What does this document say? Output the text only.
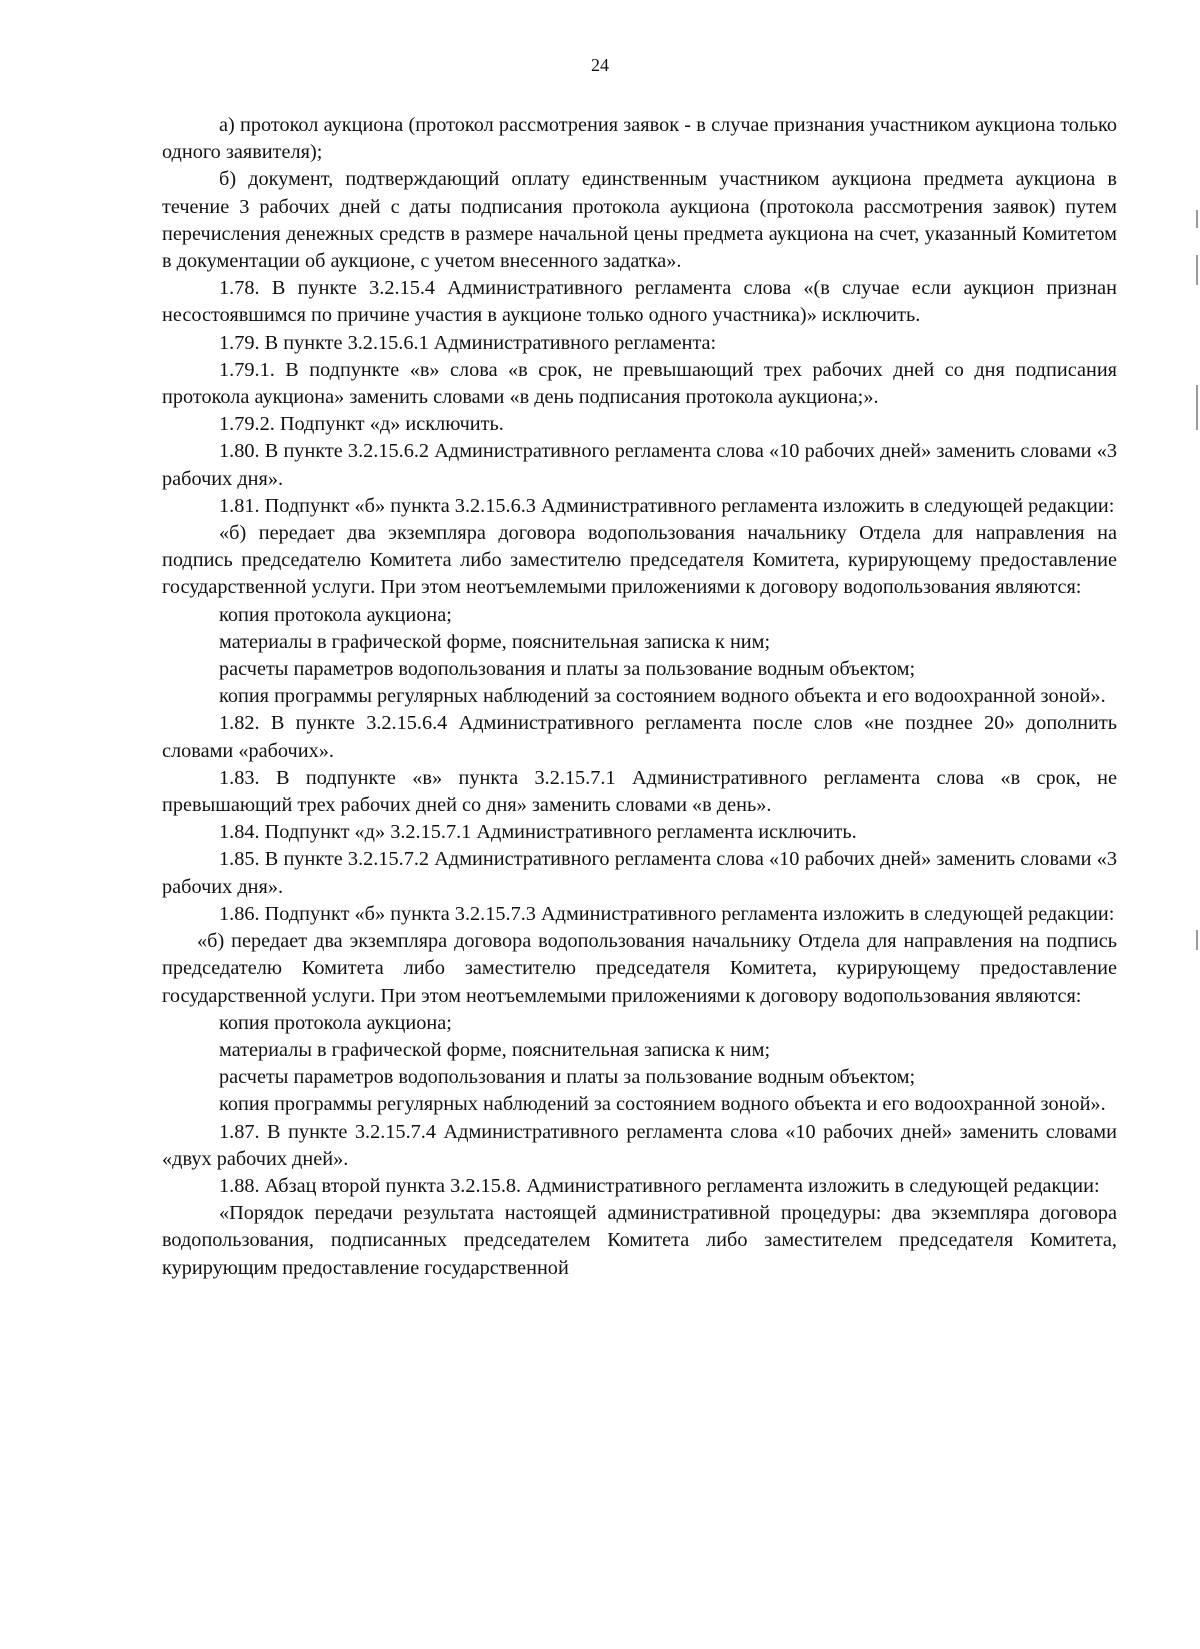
24

а) протокол аукциона (протокол рассмотрения заявок - в случае признания участником аукциона только одного заявителя);

б) документ, подтверждающий оплату единственным участником аукциона предмета аукциона в течение 3 рабочих дней с даты подписания протокола аукциона (протокола рассмотрения заявок) путем перечисления денежных средств в размере начальной цены предмета аукциона на счет, указанный Комитетом в документации об аукционе, с учетом внесенного задатка».

1.78. В пункте 3.2.15.4 Административного регламента слова «(в случае если аукцион признан несостоявшимся по причине участия в аукционе только одного участника)» исключить.

1.79. В пункте 3.2.15.6.1 Административного регламента:

1.79.1. В подпункте «в» слова «в срок, не превышающий трех рабочих дней со дня подписания протокола аукциона» заменить словами «в день подписания протокола аукциона;».

1.79.2. Подпункт «д» исключить.

1.80. В пункте 3.2.15.6.2 Административного регламента слова «10 рабочих дней» заменить словами «3 рабочих дня».

1.81. Подпункт «б» пункта 3.2.15.6.3 Административного регламента изложить в следующей редакции:

«б) передает два экземпляра договора водопользования начальнику Отдела для направления на подпись председателю Комитета либо заместителю председателя Комитета, курирующему предоставление государственной услуги. При этом неотъемлемыми приложениями к договору водопользования являются:

копия протокола аукциона;

материалы в графической форме, пояснительная записка к ним;

расчеты параметров водопользования и платы за пользование водным объектом;

копия программы регулярных наблюдений за состоянием водного объекта и его водоохранной зоной».

1.82. В пункте 3.2.15.6.4 Административного регламента после слов «не позднее 20» дополнить словами «рабочих».

1.83. В подпункте «в» пункта 3.2.15.7.1 Административного регламента слова «в срок, не превышающий трех рабочих дней со дня» заменить словами «в день».

1.84. Подпункт «д» 3.2.15.7.1 Административного регламента исключить.

1.85. В пункте 3.2.15.7.2 Административного регламента слова «10 рабочих дней» заменить словами «3 рабочих дня».

1.86. Подпункт «б» пункта 3.2.15.7.3 Административного регламента изложить в следующей редакции:

«б) передает два экземпляра договора водопользования начальнику Отдела для направления на подпись председателю Комитета либо заместителю председателя Комитета, курирующему предоставление государственной услуги. При этом неотъемлемыми приложениями к договору водопользования являются:

копия протокола аукциона;

материалы в графической форме, пояснительная записка к ним;

расчеты параметров водопользования и платы за пользование водным объектом;

копия программы регулярных наблюдений за состоянием водного объекта и его водоохранной зоной».

1.87. В пункте 3.2.15.7.4 Административного регламента слова «10 рабочих дней» заменить словами «двух рабочих дней».

1.88. Абзац второй пункта 3.2.15.8. Административного регламента изложить в следующей редакции:

«Порядок передачи результата настоящей административной процедуры: два экземпляра договора водопользования, подписанных председателем Комитета либо заместителем председателя Комитета, курирующим предоставление государственной
